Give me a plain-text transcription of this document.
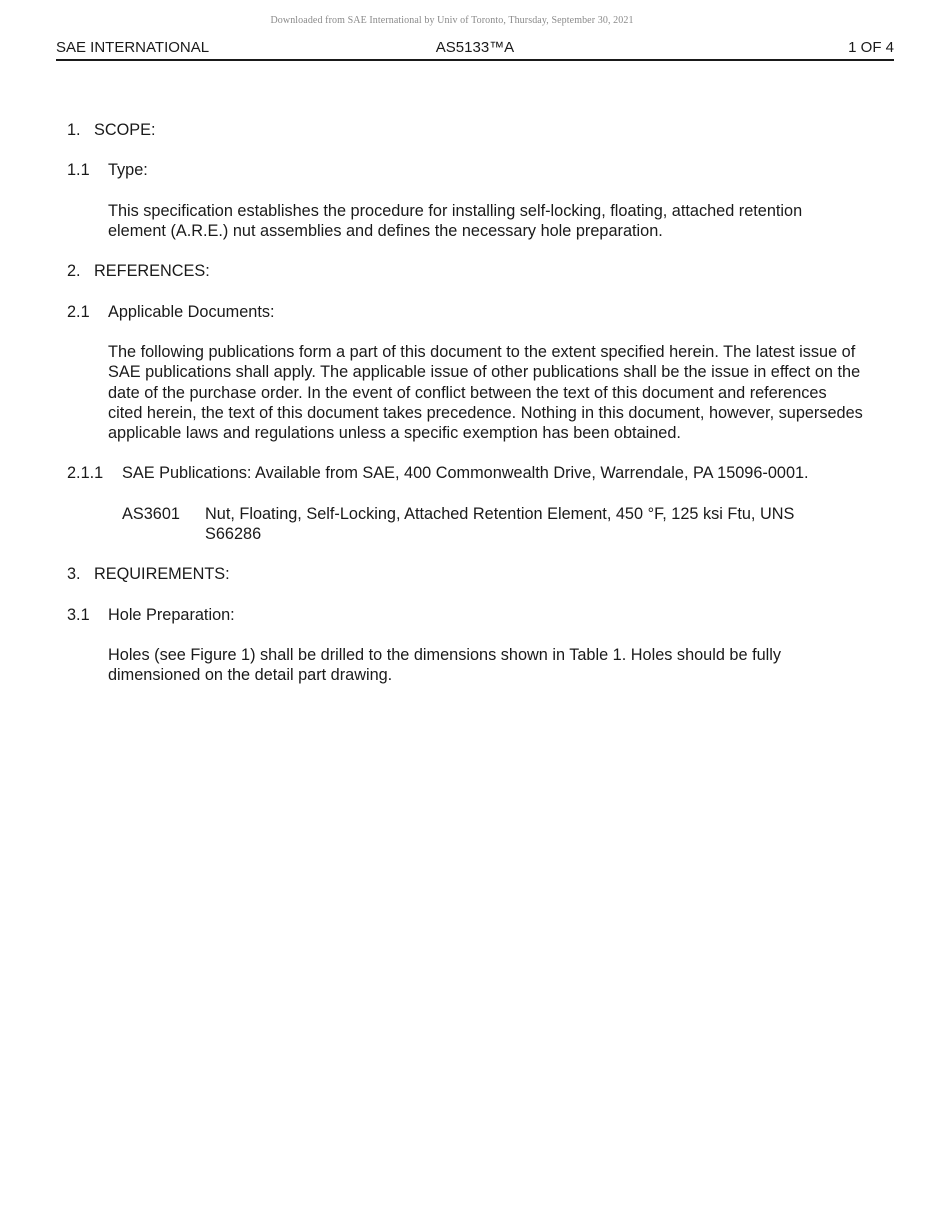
Downloaded from SAE International by Univ of Toronto, Thursday, September 30, 2021
SAE INTERNATIONAL	AS5133™A	1 OF 4
1. SCOPE:
1.1 Type:

This specification establishes the procedure for installing self-locking, floating, attached retention element (A.R.E.) nut assemblies and defines the necessary hole preparation.

2. REFERENCES:
2.1 Applicable Documents:

The following publications form a part of this document to the extent specified herein. The latest issue of SAE publications shall apply. The applicable issue of other publications shall be the issue in effect on the date of the purchase order. In the event of conflict between the text of this document and references cited herein, the text of this document takes precedence. Nothing in this document, however, supersedes applicable laws and regulations unless a specific exemption has been obtained.

2.1.1 SAE Publications: Available from SAE, 400 Commonwealth Drive, Warrendale, PA 15096-0001.
AS3601 Nut, Floating, Self-Locking, Attached Retention Element, 450 °F, 125 ksi Ftu, UNS S66286
3. REQUIREMENTS:
3.1 Hole Preparation:

Holes (see Figure 1) shall be drilled to the dimensions shown in Table 1. Holes should be fully dimensioned on the detail part drawing.
